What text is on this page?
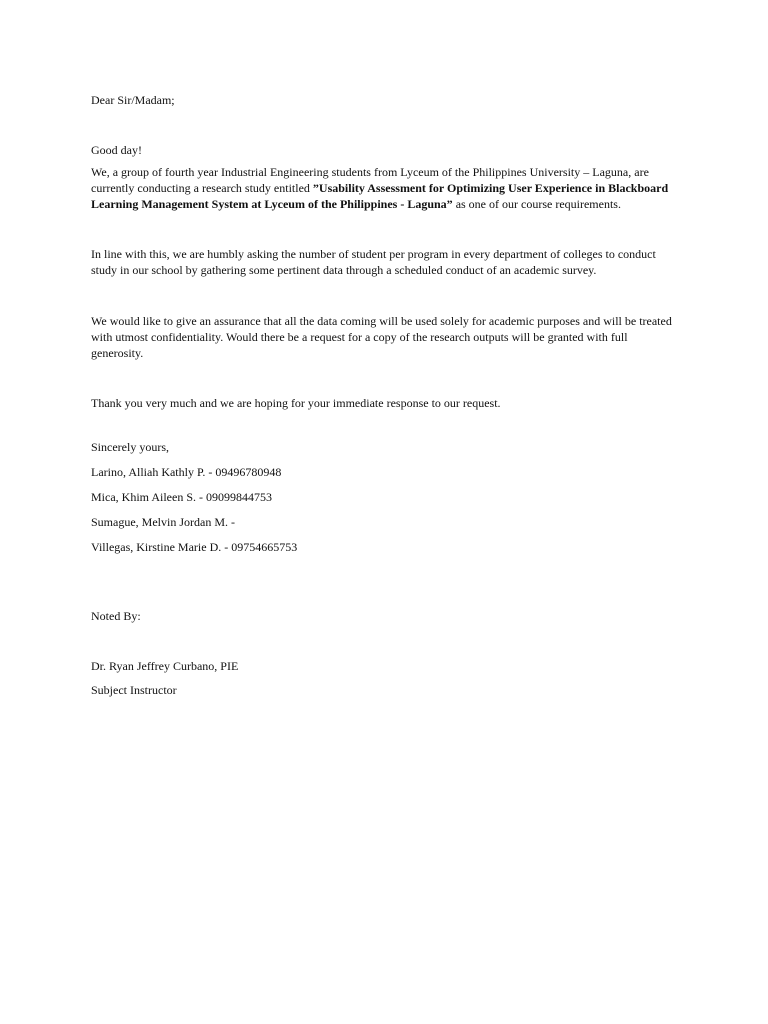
Dear Sir/Madam;

Good day!

We, a group of fourth year Industrial Engineering students from Lyceum of the Philippines University – Laguna, are currently conducting a research study entitled ”Usability Assessment for Optimizing User Experience in Blackboard Learning Management System at Lyceum of the Philippines - Laguna” as one of our course requirements.

In line with this, we are humbly asking the number of student per program in every department of colleges to conduct study in our school by gathering some pertinent data through a scheduled conduct of an academic survey.

We would like to give an assurance that all the data coming will be used solely for academic purposes and will be treated with utmost confidentiality. Would there be a request for a copy of the research outputs will be granted with full generosity.

Thank you very much and we are hoping for your immediate response to our request.

Sincerely yours,

Larino, Alliah Kathly P. - 09496780948

Mica, Khim Aileen S. - 09099844753

Sumague, Melvin Jordan M. -

Villegas, Kirstine Marie D. - 09754665753

Noted By:

Dr. Ryan Jeffrey Curbano, PIE

Subject Instructor
